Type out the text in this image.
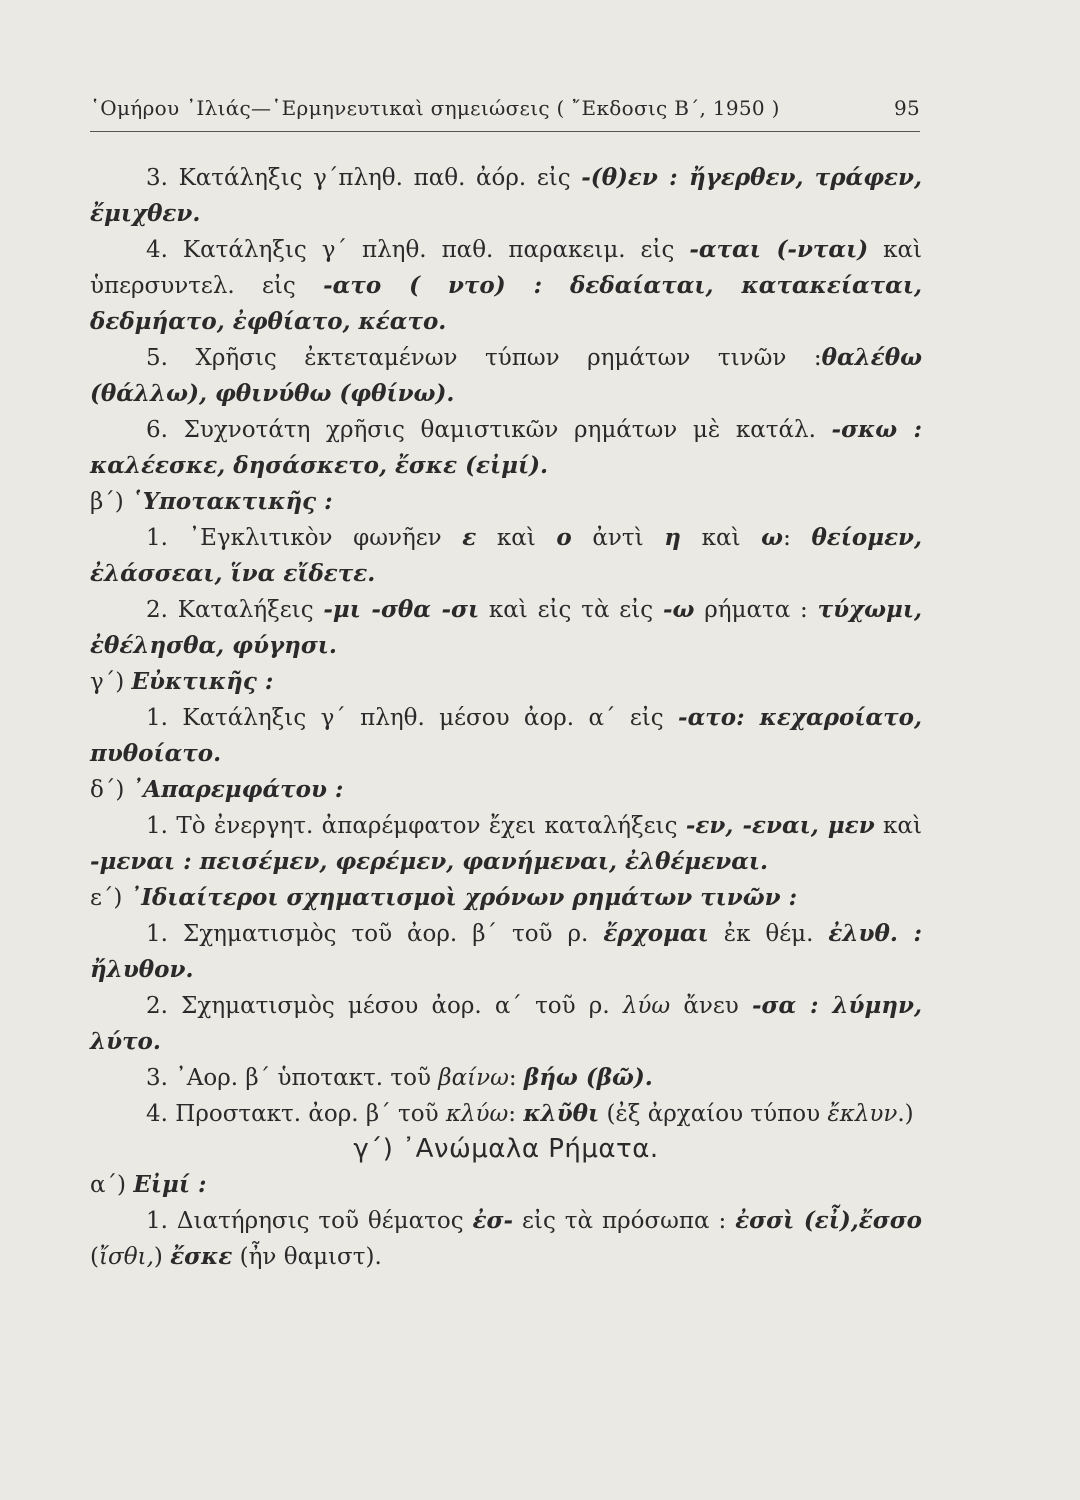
῾Ομήρου ᾽Ιλιάς—῾Ερμηνευτικαὶ σημειώσεις ( ῎Εκδοσις Β΄, 1950 )	95

3. Κατάληξις γ΄πληθ. παθ. ἀόρ. εἰς -(θ)εν : ἤγερθεν, τράφεν, ἔμιχθεν.

4. Κατάληξις γ΄ πληθ. παθ. παρακειμ. εἰς -αται (-νται) καὶ ὑπερσυντελ. εἰς -ατο ( ντο) : δεδαίαται, κατακείαται, δεδμήατο, ἐφθίατο, κέατο.

5. Χρῆσις ἐκτεταμένων τύπων ρημάτων τινῶν :θαλέθω (θάλλω), φθινύθω (φθίνω).

6. Συχνοτάτη χρῆσις θαμιστικῶν ρημάτων μὲ κατάλ. -σκω : καλέεσκε, δησάσκετο, ἔσκε (εἰμί).

β΄) ῾Υποτακτικῆς :

1. ᾽Εγκλιτικὸν φωνῆεν ε καὶ ο ἀντὶ η καὶ ω: θείομεν, ἐλάσσεαι, ἵνα εἴδετε.

2. Καταλήξεις -μι -σθα -σι καὶ εἰς τὰ εἰς -ω ρήματα : τύχωμι, ἐθέλησθα, φύγησι.

γ΄) Εὐκτικῆς :

1. Κατάληξις γ΄ πληθ. μέσου ἀορ. α΄ εἰς -ατο: κεχαροίατο, πυθοίατο.

δ΄) ᾽Απαρεμφάτου :

1. Τὸ ἐνεργητ. ἀπαρέμφατον ἔχει καταλήξεις -εν, -εναι, μεν καὶ -μεναι : πεισέμεν, φερέμεν, φανήμεναι, ἐλθέμεναι.

ε΄) ᾽Ιδιαίτεροι σχηματισμοὶ χρόνων ρημάτων τινῶν :

1. Σχηματισμὸς τοῦ ἀορ. β΄ τοῦ ρ. ἔρχομαι ἐκ θέμ. ἐλυθ. : ἤλυθον.

2. Σχηματισμὸς μέσου ἀορ. α΄ τοῦ ρ. λύω ἄνευ -σα : λύμην, λύτο.

3. ᾽Αορ. β΄ ὑποτακτ. τοῦ βαίνω: βήω (βῶ).

4. Προστακτ. ἀορ. β΄ τοῦ κλύω: κλῦθι (ἐξ ἀρχαίου τύπου ἔκλυν.)

γ΄) ᾽Ανώμαλα Ρήματα.

α΄) Εἰμί :

1. Διατήρησις τοῦ θέματος ἐσ- εἰς τὰ πρόσωπα : ἐσσὶ (εἶ),ἔσσο (ἴσθι,) ἔσκε (ἦν θαμιστ).
